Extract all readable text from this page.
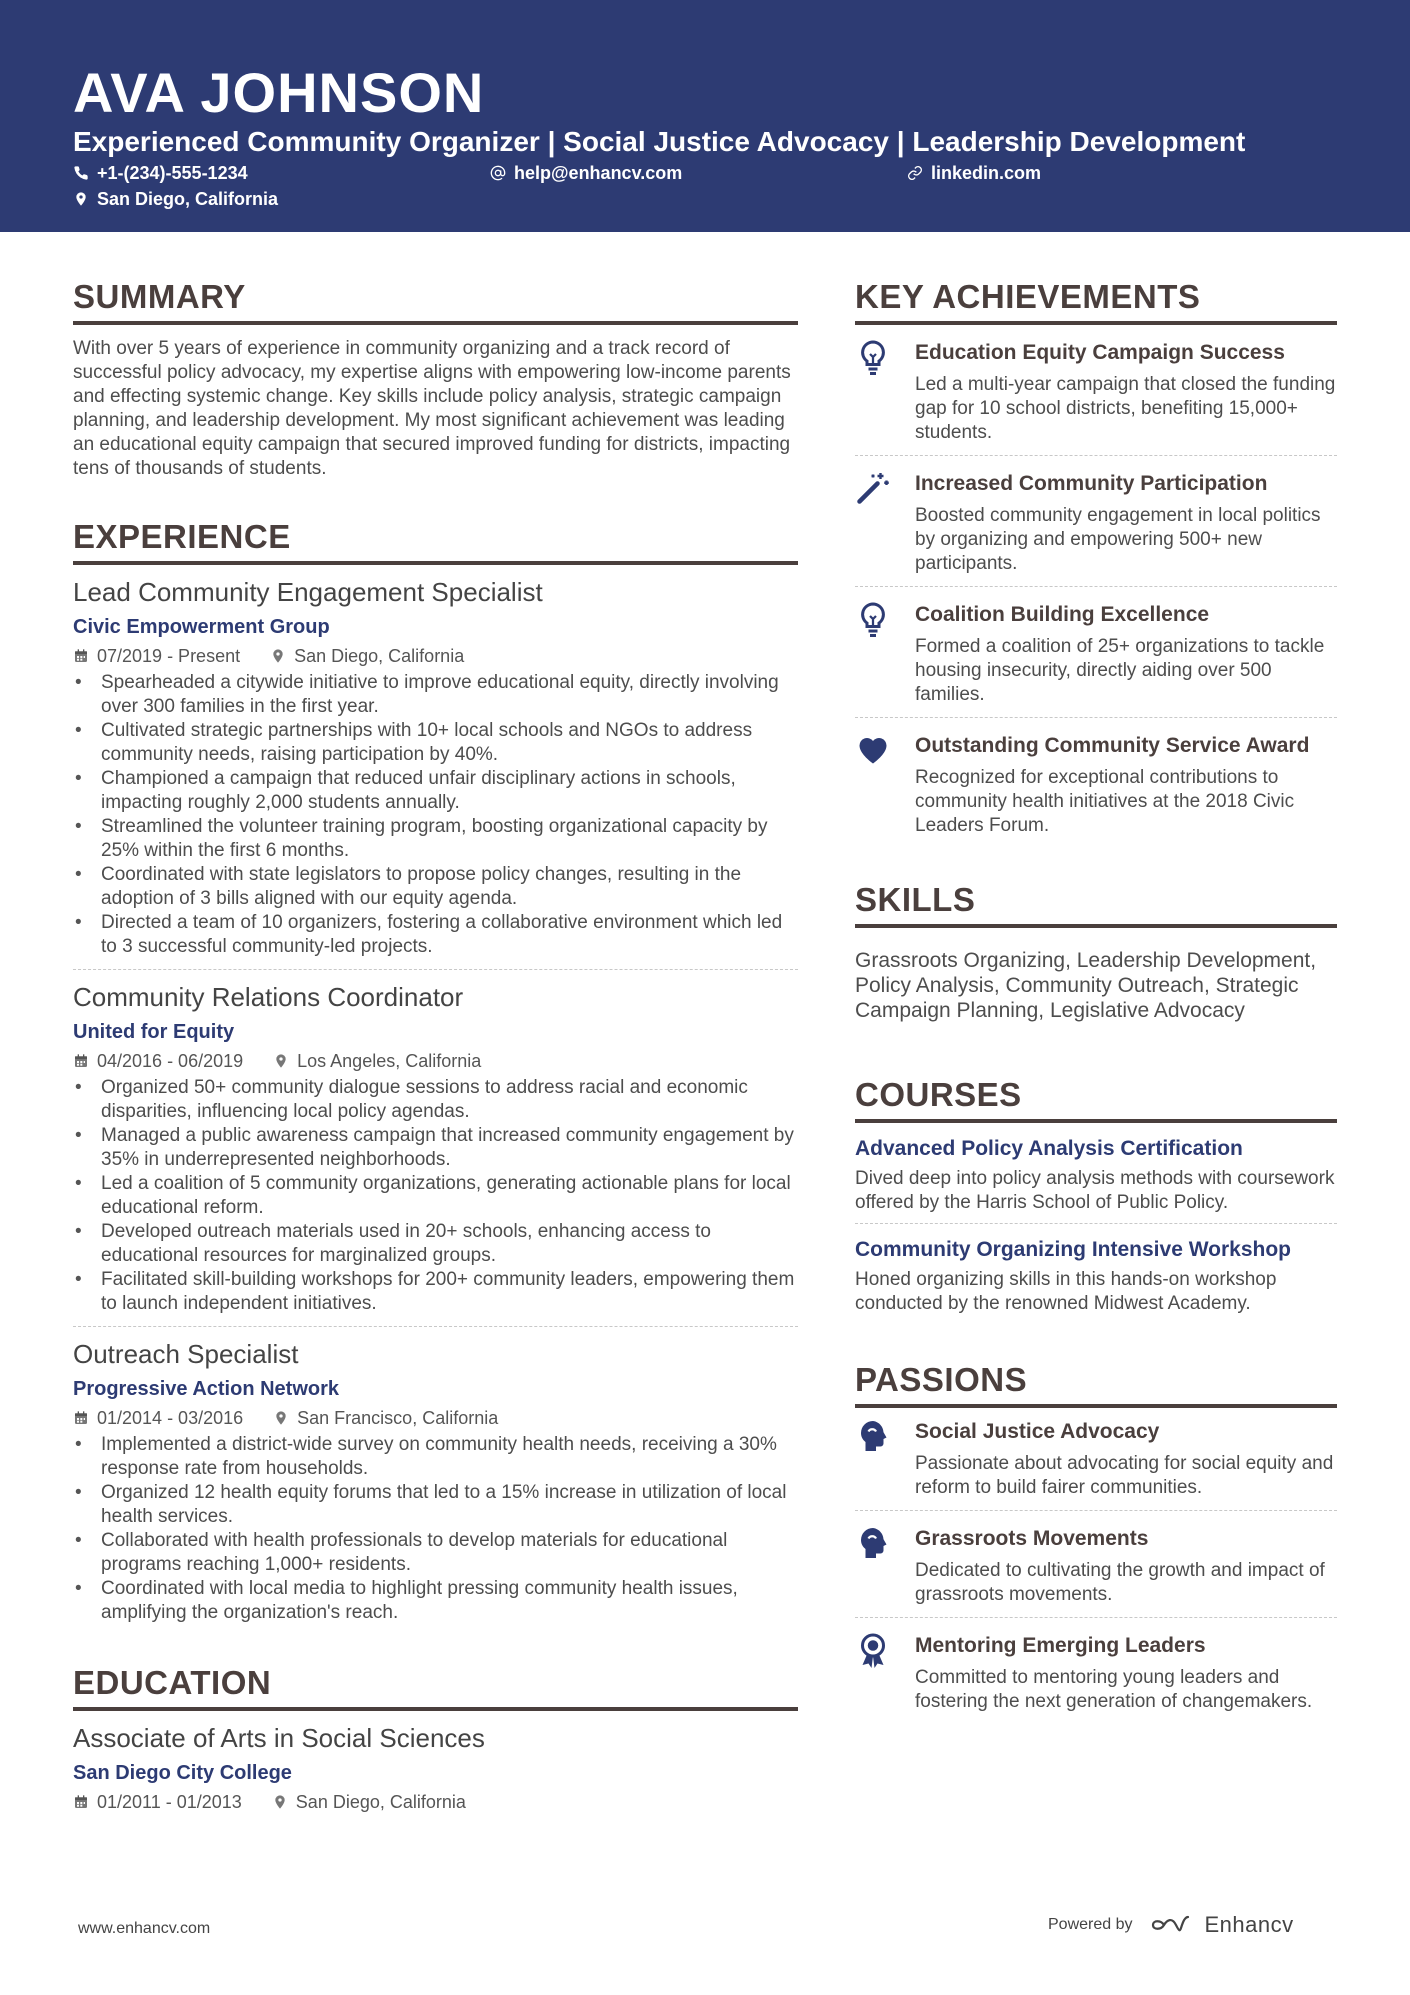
AVA JOHNSON
Experienced Community Organizer | Social Justice Advocacy | Leadership Development
+1-(234)-555-1234	help@enhancv.com	linkedin.com
San Diego, California
SUMMARY

With over 5 years of experience in community organizing and a track record of successful policy advocacy, my expertise aligns with empowering low-income parents and effecting systemic change. Key skills include policy analysis, strategic campaign planning, and leadership development. My most significant achievement was leading an educational equity campaign that secured improved funding for districts, impacting tens of thousands of students.

EXPERIENCE
Lead Community Engagement Specialist
Civic Empowerment Group
07/2019 - Present	San Diego, California
• Spearheaded a citywide initiative to improve educational equity, directly involving over 300 families in the first year.
• Cultivated strategic partnerships with 10+ local schools and NGOs to address community needs, raising participation by 40%.
• Championed a campaign that reduced unfair disciplinary actions in schools, impacting roughly 2,000 students annually.
• Streamlined the volunteer training program, boosting organizational capacity by 25% within the first 6 months.
• Coordinated with state legislators to propose policy changes, resulting in the adoption of 3 bills aligned with our equity agenda.
• Directed a team of 10 organizers, fostering a collaborative environment which led to 3 successful community-led projects.
Community Relations Coordinator
United for Equity
04/2016 - 06/2019	Los Angeles, California
• Organized 50+ community dialogue sessions to address racial and economic disparities, influencing local policy agendas.
• Managed a public awareness campaign that increased community engagement by 35% in underrepresented neighborhoods.
• Led a coalition of 5 community organizations, generating actionable plans for local educational reform.
• Developed outreach materials used in 20+ schools, enhancing access to educational resources for marginalized groups.
• Facilitated skill-building workshops for 200+ community leaders, empowering them to launch independent initiatives.
Outreach Specialist
Progressive Action Network
01/2014 - 03/2016	San Francisco, California
• Implemented a district-wide survey on community health needs, receiving a 30% response rate from households.
• Organized 12 health equity forums that led to a 15% increase in utilization of local health services.
• Collaborated with health professionals to develop materials for educational programs reaching 1,000+ residents.
• Coordinated with local media to highlight pressing community health issues, amplifying the organization's reach.
EDUCATION
Associate of Arts in Social Sciences
San Diego City College
01/2011 - 01/2013	San Diego, California
KEY ACHIEVEMENTS
Education Equity Campaign Success
Led a multi-year campaign that closed the funding gap for 10 school districts, benefiting 15,000+ students.
Increased Community Participation
Boosted community engagement in local politics by organizing and empowering 500+ new participants.
Coalition Building Excellence
Formed a coalition of 25+ organizations to tackle housing insecurity, directly aiding over 500 families.
Outstanding Community Service Award
Recognized for exceptional contributions to community health initiatives at the 2018 Civic Leaders Forum.
SKILLS
Grassroots Organizing, Leadership Development, Policy Analysis, Community Outreach, Strategic Campaign Planning, Legislative Advocacy
COURSES
Advanced Policy Analysis Certification
Dived deep into policy analysis methods with coursework offered by the Harris School of Public Policy.
Community Organizing Intensive Workshop
Honed organizing skills in this hands-on workshop conducted by the renowned Midwest Academy.
PASSIONS
Social Justice Advocacy
Passionate about advocating for social equity and reform to build fairer communities.
Grassroots Movements
Dedicated to cultivating the growth and impact of grassroots movements.
Mentoring Emerging Leaders
Committed to mentoring young leaders and fostering the next generation of changemakers.
www.enhancv.com	Powered by	Enhancv
